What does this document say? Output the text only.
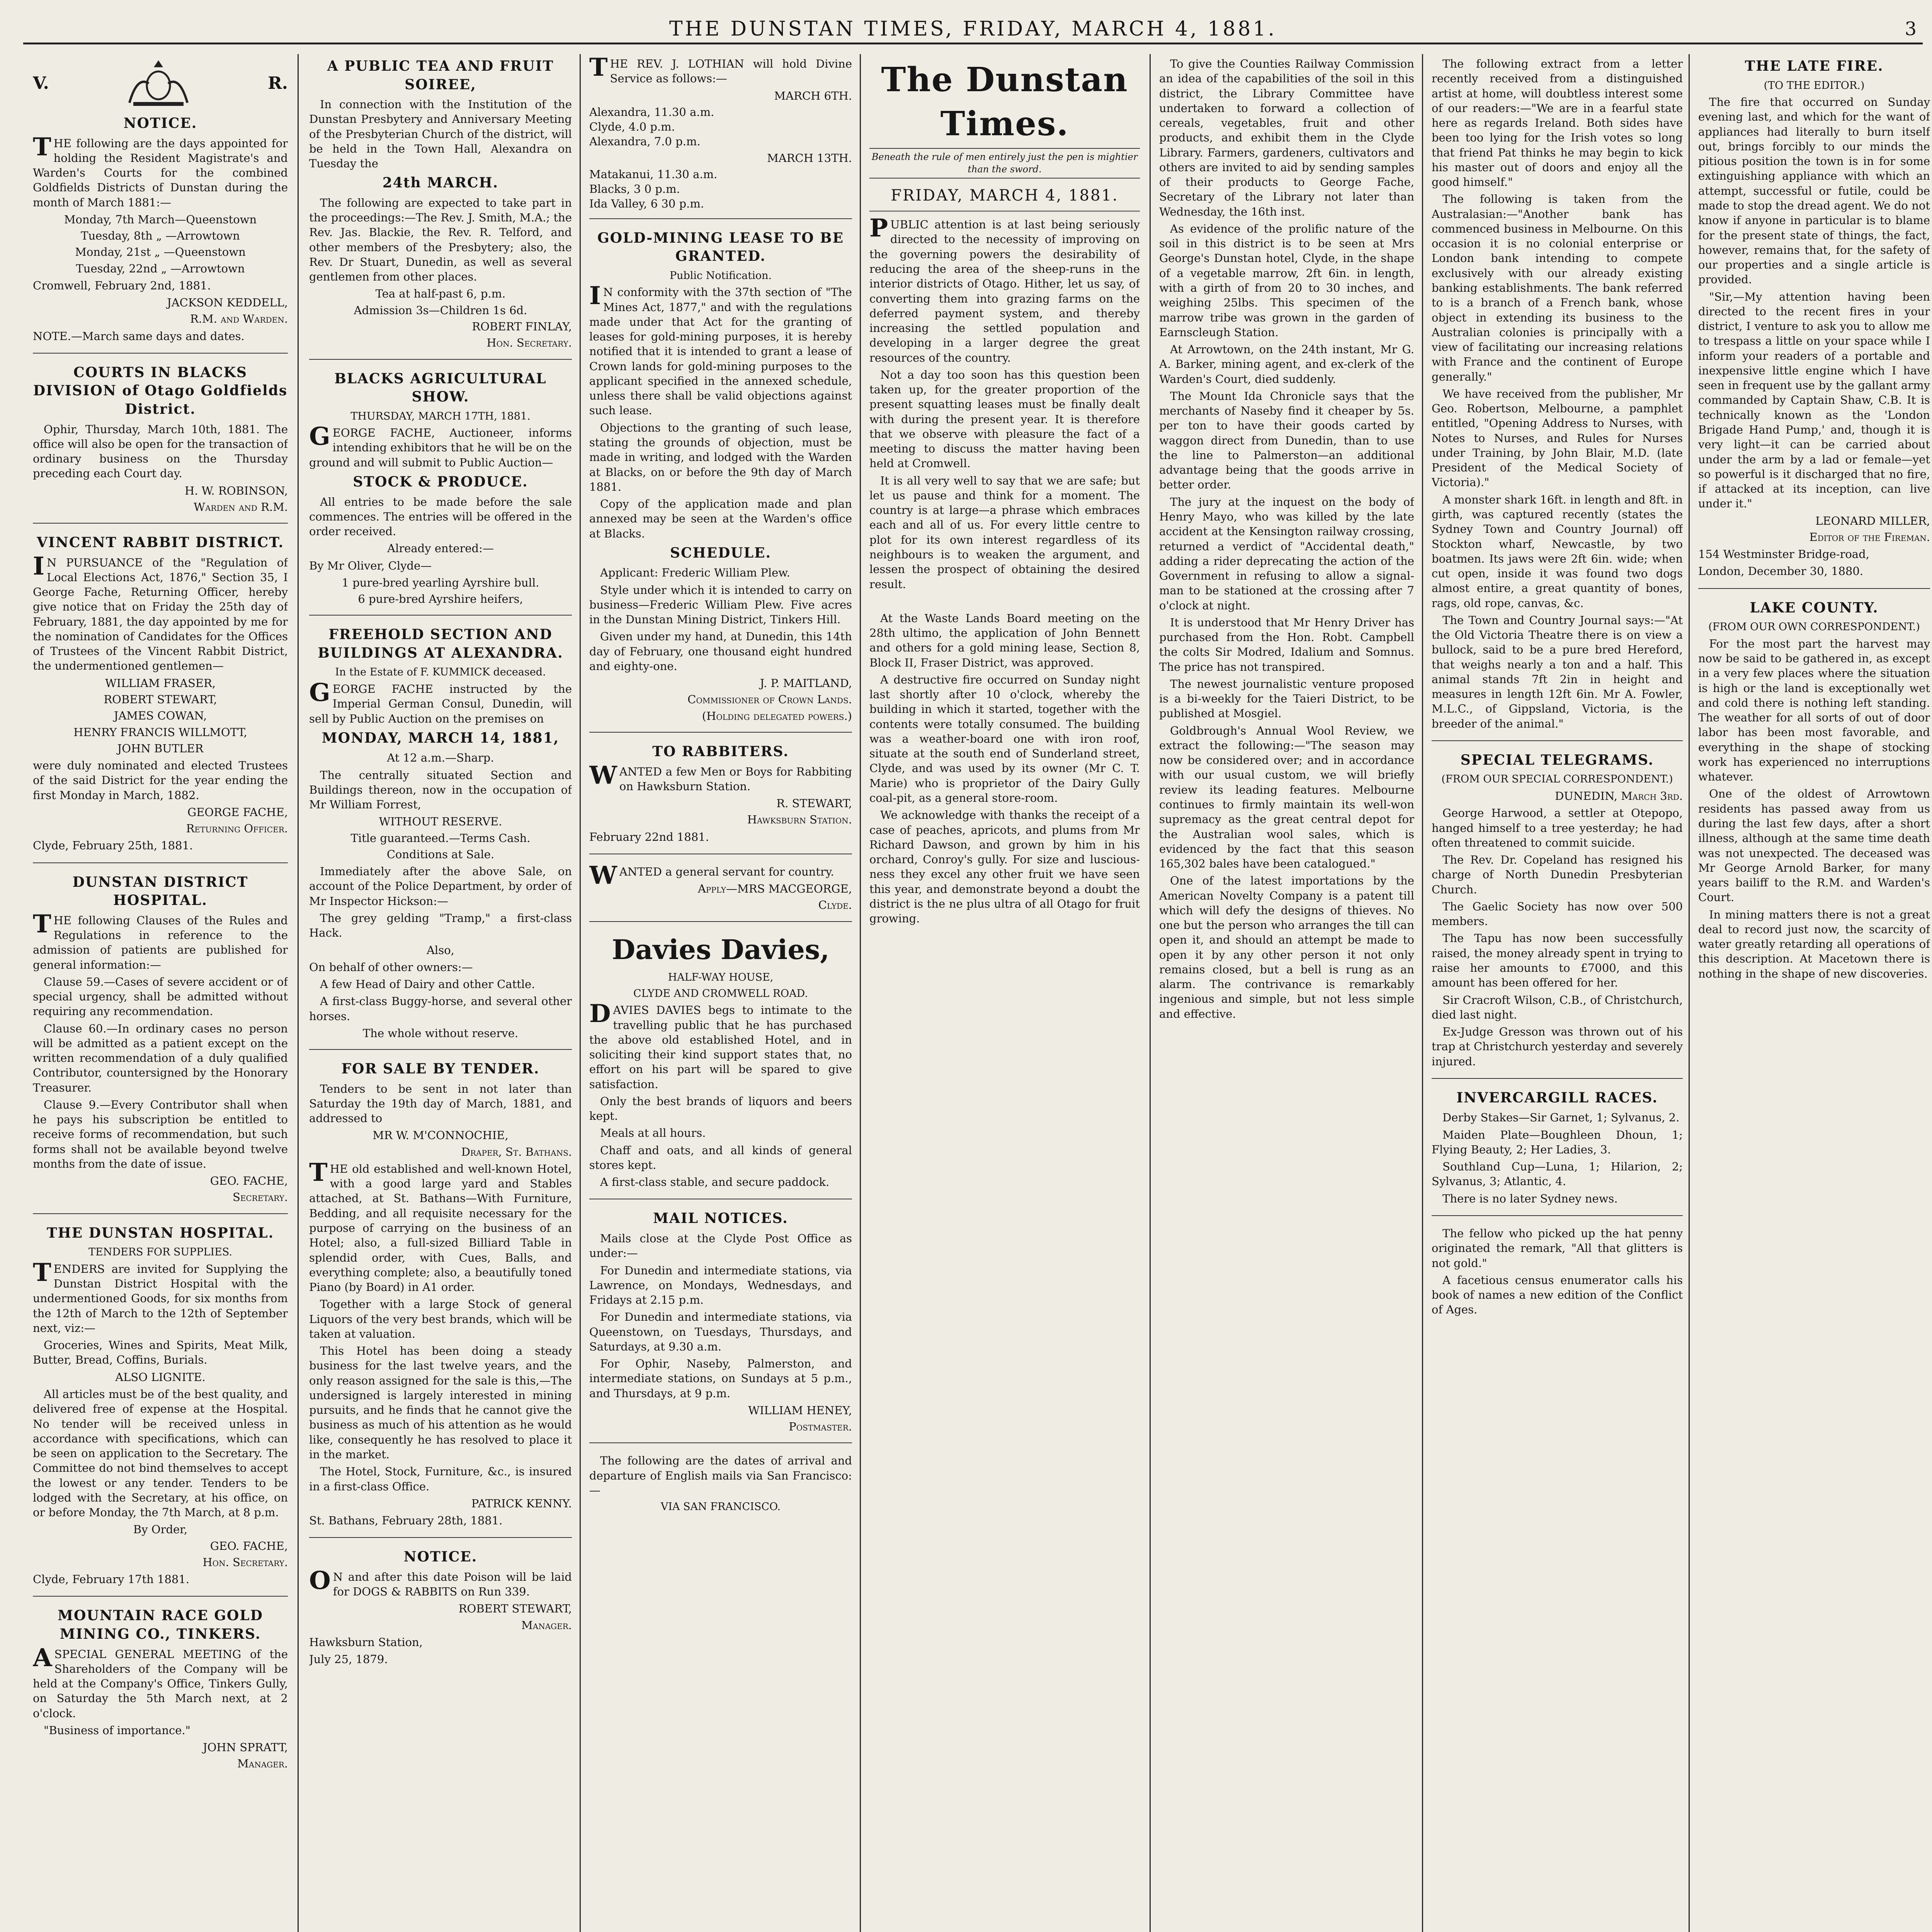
THE DUNSTAN TIMES, FRIDAY, MARCH 4, 1881.	3
V.	R.
NOTICE.

THE following are the days appointed for holding the Resident Magistrate's and Warden's Courts for the combined Goldfields Districts of Dunstan during the month of March 1881:—

Monday, 7th March—Queenstown
Tuesday, 8th „ —Arrowtown
Monday, 21st „ —Queenstown
Tuesday, 22nd „ —Arrowtown

Cromwell, February 2nd, 1881.

JACKSON KEDDELL,
R.M. and Warden.

NOTE.—March same days and dates.

COURTS IN BLACKS DIVISION of Otago Goldfields District.

Ophir, Thursday, March 10th, 1881. The office will also be open for the transaction of ordinary business on the Thursday preceding each Court day.

H. W. ROBINSON,
Warden and R.M.
VINCENT RABBIT DISTRICT.

IN PURSUANCE of the "Regulation of Local Elections Act, 1876," Section 35, I George Fache, Returning Officer, hereby give notice that on Friday the 25th day of February, 1881, the day appointed by me for the nomination of Candidates for the Offices of Trustees of the Vincent Rabbit District, the undermentioned gentlemen—

WILLIAM FRASER,
ROBERT STEWART,
JAMES COWAN,
HENRY FRANCIS WILLMOTT,
JOHN BUTLER

were duly nominated and elected Trustees of the said District for the year ending the first Monday in March, 1882.

GEORGE FACHE,
Returning Officer.

Clyde, February 25th, 1881.

DUNSTAN DISTRICT HOSPITAL.

THE following Clauses of the Rules and Regulations in reference to the admission of patients are published for general information:—

Clause 59.—Cases of severe accident or of special urgency, shall be admitted without requiring any recommendation.

Clause 60.—In ordinary cases no person will be admitted as a patient except on the written recommendation of a duly qualified Contributor, countersigned by the Honorary Treasurer.

Clause 9.—Every Contributor shall when he pays his subscription be entitled to receive forms of recommendation, but such forms shall not be available beyond twelve months from the date of issue.

GEO. FACHE,
Secretary.
THE DUNSTAN HOSPITAL.
TENDERS FOR SUPPLIES.

TENDERS are invited for Supplying the Dunstan District Hospital with the undermentioned Goods, for six months from the 12th of March to the 12th of September next, viz:—

Groceries, Wines and Spirits, Meat Milk, Butter, Bread, Coffins, Burials.

ALSO LIGNITE.

All articles must be of the best quality, and delivered free of expense at the Hospital. No tender will be received unless in accordance with specifications, which can be seen on application to the Secretary. The Committee do not bind themselves to accept the lowest or any tender. Tenders to be lodged with the Secretary, at his office, on or before Monday, the 7th March, at 8 p.m.

By Order,
GEO. FACHE,
Hon. Secretary.

Clyde, February 17th 1881.

MOUNTAIN RACE GOLD MINING CO., TINKERS.

ASPECIAL GENERAL MEETING of the Shareholders of the Company will be held at the Company's Office, Tinkers Gully, on Saturday the 5th March next, at 2 o'clock.

"Business of importance."

JOHN SPRATT,
Manager.
A PUBLIC TEA AND FRUIT SOIREE,

In connection with the Institution of the Dunstan Presbytery and Anniversary Meeting of the Presbyterian Church of the district, will be held in the Town Hall, Alexandra on Tuesday the

24th MARCH.

The following are expected to take part in the proceedings:—The Rev. J. Smith, M.A.; the Rev. Jas. Blackie, the Rev. R. Telford, and other members of the Presbytery; also, the Rev. Dr Stuart, Dunedin, as well as several gentlemen from other places.

Tea at half-past 6, p.m.
Admission 3s—Children 1s 6d.
ROBERT FINLAY,
Hon. Secretary.
BLACKS AGRICULTURAL SHOW.
THURSDAY, MARCH 17TH, 1881.

GEORGE FACHE, Auctioneer, informs intending exhibitors that he will be on the ground and will submit to Public Auction—

STOCK & PRODUCE.

All entries to be made before the sale commences. The entries will be offered in the order received.

Already entered:—

By Mr Oliver, Clyde—

1 pure-bred yearling Ayrshire bull.
6 pure-bred Ayrshire heifers,
FREEHOLD SECTION AND BUILDINGS AT ALEXANDRA.
In the Estate of F. KUMMICK deceased.

GEORGE FACHE instructed by the Imperial German Consul, Dunedin, will sell by Public Auction on the premises on

MONDAY, MARCH 14, 1881,
At 12 a.m.—Sharp.

The centrally situated Section and Buildings thereon, now in the occupation of Mr William Forrest,

WITHOUT RESERVE.
Title guaranteed.—Terms Cash.
Conditions at Sale.

Immediately after the above Sale, on account of the Police Department, by order of Mr Inspector Hickson:—

The grey gelding "Tramp," a first-class Hack.

Also,

On behalf of other owners:—

A few Head of Dairy and other Cattle.

A first-class Buggy-horse, and several other horses.

The whole without reserve.
FOR SALE BY TENDER.

Tenders to be sent in not later than Saturday the 19th day of March, 1881, and addressed to

MR W. M'CONNOCHIE,
Draper, St. Bathans.

THE old established and well-known Hotel, with a good large yard and Stables attached, at St. Bathans—With Furniture, Bedding, and all requisite necessary for the purpose of carrying on the business of an Hotel; also, a full-sized Billiard Table in splendid order, with Cues, Balls, and everything complete; also, a beautifully toned Piano (by Board) in A1 order.

Together with a large Stock of general Liquors of the very best brands, which will be taken at valuation.

This Hotel has been doing a steady business for the last twelve years, and the only reason assigned for the sale is this,—The undersigned is largely interested in mining pursuits, and he finds that he cannot give the business as much of his attention as he would like, consequently he has resolved to place it in the market.

The Hotel, Stock, Furniture, &c., is insured in a first-class Office.

PATRICK KENNY.

St. Bathans, February 28th, 1881.

NOTICE.

ON and after this date Poison will be laid for DOGS & RABBITS on Run 339.

ROBERT STEWART,
Manager.

Hawksburn Station,

July 25, 1879.

THE REV. J. LOTHIAN will hold Divine Service as follows:—

MARCH 6TH.
Alexandra, 11.30 a.m.
Clyde, 4.0 p.m.
Alexandra, 7.0 p.m.
MARCH 13TH.
Matakanui, 11.30 a.m.
Blacks, 3 0 p.m.
Ida Valley, 6 30 p.m.
GOLD-MINING LEASE TO BE GRANTED.
Public Notification.

IN conformity with the 37th section of "The Mines Act, 1877," and with the regulations made under that Act for the granting of leases for gold-mining purposes, it is hereby notified that it is intended to grant a lease of Crown lands for gold-mining purposes to the applicant specified in the annexed schedule, unless there shall be valid objections against such lease.

Objections to the granting of such lease, stating the grounds of objection, must be made in writing, and lodged with the Warden at Blacks, on or before the 9th day of March 1881.

Copy of the application made and plan annexed may be seen at the Warden's office at Blacks.

SCHEDULE.

Applicant: Frederic William Plew.

Style under which it is intended to carry on business—Frederic William Plew. Five acres in the Dunstan Mining District, Tinkers Hill.

Given under my hand, at Dunedin, this 14th day of February, one thousand eight hundred and eighty-one.

J. P. MAITLAND,
Commissioner of Crown Lands.
(Holding delegated powers.)
TO RABBITERS.

WANTED a few Men or Boys for Rabbiting on Hawksburn Station.

R. STEWART,
Hawksburn Station.

February 22nd 1881.

WANTED a general servant for country.

Apply—MRS MACGEORGE,
Clyde.
Davies Davies,
HALF-WAY HOUSE,
CLYDE AND CROMWELL ROAD.

DAVIES DAVIES begs to intimate to the travelling public that he has purchased the above old established Hotel, and in soliciting their kind support states that, no effort on his part will be spared to give satisfaction.

Only the best brands of liquors and beers kept.

Meals at all hours.

Chaff and oats, and all kinds of general stores kept.

A first-class stable, and secure paddock.

MAIL NOTICES.

Mails close at the Clyde Post Office as under:—

For Dunedin and intermediate stations, via Lawrence, on Mondays, Wednesdays, and Fridays at 2.15 p.m.

For Dunedin and intermediate stations, via Queenstown, on Tuesdays, Thursdays, and Saturdays, at 9.30 a.m.

For Ophir, Naseby, Palmerston, and intermediate stations, on Sundays at 5 p.m., and Thursdays, at 9 p.m.

WILLIAM HENEY,
Postmaster.

The following are the dates of arrival and departure of English mails via San Francisco:—

VIA SAN FRANCISCO.
The Dunstan Times.
Beneath the rule of men entirely just the pen is mightier than the sword.
FRIDAY, MARCH 4, 1881.

PUBLIC attention is at last being seriously directed to the necessity of improving on the governing powers the desirability of reducing the area of the sheep-runs in the interior districts of Otago. Hither, let us say, of converting them into grazing farms on the deferred payment system, and thereby increasing the settled population and developing in a larger degree the great resources of the country.

Not a day too soon has this question been taken up, for the greater proportion of the present squatting leases must be finally dealt with during the present year. It is therefore that we observe with pleasure the fact of a meeting to discuss the matter having been held at Cromwell.

It is all very well to say that we are safe; but let us pause and think for a moment. The country is at large—a phrase which embraces each and all of us. For every little centre to plot for its own interest regardless of its neighbours is to weaken the argument, and lessen the prospect of obtaining the desired result.

At the Waste Lands Board meeting on the 28th ultimo, the application of John Bennett and others for a gold mining lease, Section 8, Block II, Fraser District, was approved.

A destructive fire occurred on Sunday night last shortly after 10 o'clock, whereby the building in which it started, together with the contents were totally consumed. The building was a weather-board one with iron roof, situate at the south end of Sunderland street, Clyde, and was used by its owner (Mr C. T. Marie) who is proprietor of the Dairy Gully coal-pit, as a general store-room.

We acknowledge with thanks the receipt of a case of peaches, apricots, and plums from Mr Richard Dawson, and grown by him in his orchard, Conroy's gully. For size and lusciousness they excel any other fruit we have seen this year, and demonstrate beyond a doubt the district is the ne plus ultra of all Otago for fruit growing.

To give the Counties Railway Commission an idea of the capabilities of the soil in this district, the Library Committee have undertaken to forward a collection of cereals, vegetables, fruit and other products, and exhibit them in the Clyde Library. Farmers, gardeners, cultivators and others are invited to aid by sending samples of their products to George Fache, Secretary of the Library not later than Wednesday, the 16th inst.

As evidence of the prolific nature of the soil in this district is to be seen at Mrs George's Dunstan hotel, Clyde, in the shape of a vegetable marrow, 2ft 6in. in length, with a girth of from 20 to 30 inches, and weighing 25lbs. This specimen of the marrow tribe was grown in the garden of Earnscleugh Station.

At Arrowtown, on the 24th instant, Mr G. A. Barker, mining agent, and ex-clerk of the Warden's Court, died suddenly.

The Mount Ida Chronicle says that the merchants of Naseby find it cheaper by 5s. per ton to have their goods carted by waggon direct from Dunedin, than to use the line to Palmerston—an additional advantage being that the goods arrive in better order.

The jury at the inquest on the body of Henry Mayo, who was killed by the late accident at the Kensington railway crossing, returned a verdict of "Accidental death," adding a rider deprecating the action of the Government in refusing to allow a signal-man to be stationed at the crossing after 7 o'clock at night.

It is understood that Mr Henry Driver has purchased from the Hon. Robt. Campbell the colts Sir Modred, Idalium and Somnus. The price has not transpired.

The newest journalistic venture proposed is a bi-weekly for the Taieri District, to be published at Mosgiel.

Goldbrough's Annual Wool Review, we extract the following:—"The season may now be considered over; and in accordance with our usual custom, we will briefly review its leading features. Melbourne continues to firmly maintain its well-won supremacy as the great central depot for the Australian wool sales, which is evidenced by the fact that this season 165,302 bales have been catalogued."

One of the latest importations by the American Novelty Company is a patent till which will defy the designs of thieves. No one but the person who arranges the till can open it, and should an attempt be made to open it by any other person it not only remains closed, but a bell is rung as an alarm. The contrivance is remarkably ingenious and simple, but not less simple and effective.

The following extract from a letter recently received from a distinguished artist at home, will doubtless interest some of our readers:—"We are in a fearful state here as regards Ireland. Both sides have been too lying for the Irish votes so long that friend Pat thinks he may begin to kick his master out of doors and enjoy all the good himself."

The following is taken from the Australasian:—"Another bank has commenced business in Melbourne. On this occasion it is no colonial enterprise or London bank intending to compete exclusively with our already existing banking establishments. The bank referred to is a branch of a French bank, whose object in extending its business to the Australian colonies is principally with a view of facilitating our increasing relations with France and the continent of Europe generally."

We have received from the publisher, Mr Geo. Robertson, Melbourne, a pamphlet entitled, "Opening Address to Nurses, with Notes to Nurses, and Rules for Nurses under Training, by John Blair, M.D. (late President of the Medical Society of Victoria)."

A monster shark 16ft. in length and 8ft. in girth, was captured recently (states the Sydney Town and Country Journal) off Stockton wharf, Newcastle, by two boatmen. Its jaws were 2ft 6in. wide; when cut open, inside it was found two dogs almost entire, a great quantity of bones, rags, old rope, canvas, &c.

The Town and Country Journal says:—"At the Old Victoria Theatre there is on view a bullock, said to be a pure bred Hereford, that weighs nearly a ton and a half. This animal stands 7ft 2in in height and measures in length 12ft 6in. Mr A. Fowler, M.L.C., of Gippsland, Victoria, is the breeder of the animal."

SPECIAL TELEGRAMS.
(FROM OUR SPECIAL CORRESPONDENT.)
DUNEDIN, March 3rd.

George Harwood, a settler at Otepopo, hanged himself to a tree yesterday; he had often threatened to commit suicide.

The Rev. Dr. Copeland has resigned his charge of North Dunedin Presbyterian Church.

The Gaelic Society has now over 500 members.

The Tapu has now been successfully raised, the money already spent in trying to raise her amounts to £7000, and this amount has been offered for her.

Sir Cracroft Wilson, C.B., of Christchurch, died last night.

Ex-Judge Gresson was thrown out of his trap at Christchurch yesterday and severely injured.

INVERCARGILL RACES.

Derby Stakes—Sir Garnet, 1; Sylvanus, 2.

Maiden Plate—Boughleen Dhoun, 1; Flying Beauty, 2; Her Ladies, 3.

Southland Cup—Luna, 1; Hilarion, 2; Sylvanus, 3; Atlantic, 4.

There is no later Sydney news.

The fellow who picked up the hat penny originated the remark, "All that glitters is not gold."

A facetious census enumerator calls his book of names a new edition of the Conflict of Ages.

THE LATE FIRE.
(TO THE EDITOR.)

The fire that occurred on Sunday evening last, and which for the want of appliances had literally to burn itself out, brings forcibly to our minds the pitious position the town is in for some extinguishing appliance with which an attempt, successful or futile, could be made to stop the dread agent. We do not know if anyone in particular is to blame for the present state of things, the fact, however, remains that, for the safety of our properties and a single article is provided.

"Sir,—My attention having been directed to the recent fires in your district, I venture to ask you to allow me to trespass a little on your space while I inform your readers of a portable and inexpensive little engine which I have seen in frequent use by the gallant army commanded by Captain Shaw, C.B. It is technically known as the 'London Brigade Hand Pump,' and, though it is very light—it can be carried about under the arm by a lad or female—yet so powerful is it discharged that no fire, if attacked at its inception, can live under it."

LEONARD MILLER,
Editor of the Fireman.

154 Westminster Bridge-road,

London, December 30, 1880.

LAKE COUNTY.
(FROM OUR OWN CORRESPONDENT.)

For the most part the harvest may now be said to be gathered in, as except in a very few places where the situation is high or the land is exceptionally wet and cold there is nothing left standing. The weather for all sorts of out of door labor has been most favorable, and everything in the shape of stocking work has experienced no interruptions whatever.

One of the oldest of Arrowtown residents has passed away from us during the last few days, after a short illness, although at the same time death was not unexpected. The deceased was Mr George Arnold Barker, for many years bailiff to the R.M. and Warden's Court.

In mining matters there is not a great deal to record just now, the scarcity of water greatly retarding all operations of this description. At Macetown there is nothing in the shape of new discoveries.
